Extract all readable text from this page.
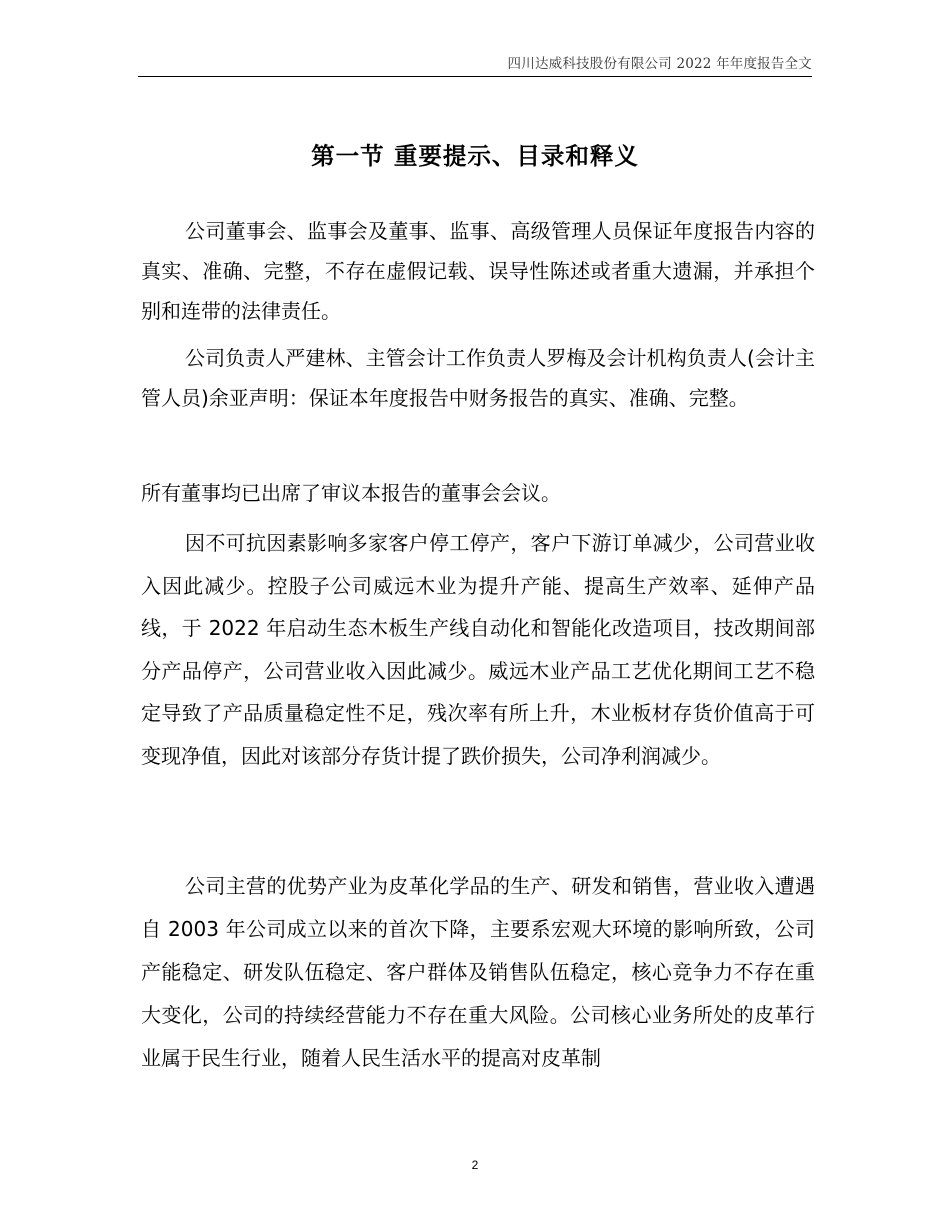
四川达威科技股份有限公司 2022 年年度报告全文
第一节 重要提示、目录和释义

公司董事会、监事会及董事、监事、高级管理人员保证年度报告内容的真实、准确、完整，不存在虚假记载、误导性陈述或者重大遗漏，并承担个别和连带的法律责任。

公司负责人严建林、主管会计工作负责人罗梅及会计机构负责人(会计主管人员)余亚声明：保证本年度报告中财务报告的真实、准确、完整。

所有董事均已出席了审议本报告的董事会会议。

因不可抗因素影响多家客户停工停产，客户下游订单减少，公司营业收入因此减少。控股子公司威远木业为提升产能、提高生产效率、延伸产品线，于 2022 年启动生态木板生产线自动化和智能化改造项目，技改期间部分产品停产，公司营业收入因此减少。威远木业产品工艺优化期间工艺不稳定导致了产品质量稳定性不足，残次率有所上升，木业板材存货价值高于可变现净值，因此对该部分存货计提了跌价损失，公司净利润减少。

公司主营的优势产业为皮革化学品的生产、研发和销售，营业收入遭遇自 2003 年公司成立以来的首次下降，主要系宏观大环境的影响所致，公司产能稳定、研发队伍稳定、客户群体及销售队伍稳定，核心竞争力不存在重大变化，公司的持续经营能力不存在重大风险。公司核心业务所处的皮革行业属于民生行业，随着人民生活水平的提高对皮革制

2
